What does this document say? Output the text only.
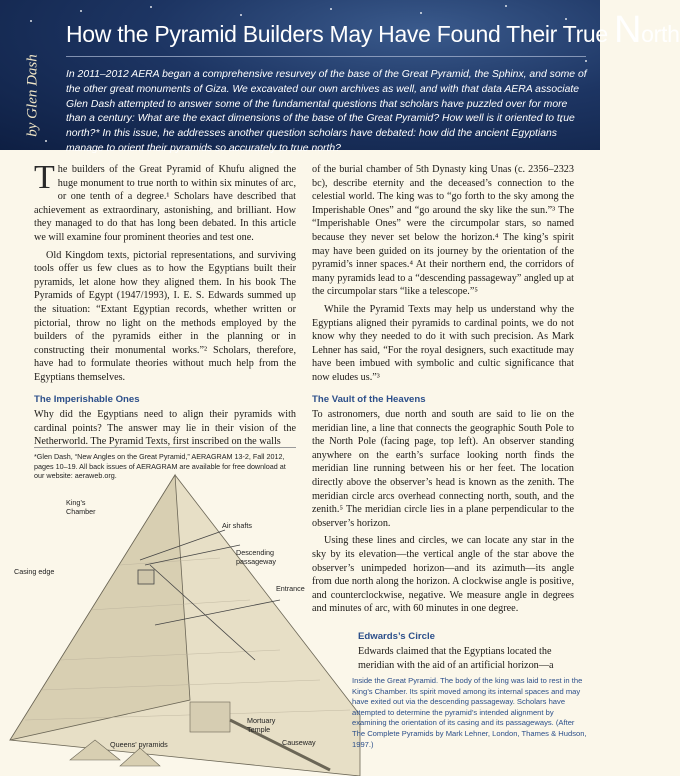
by Glen Dash
How the Pyramid Builders May Have Found Their True North
In 2011–2012 AERA began a comprehensive resurvey of the base of the Great Pyramid, the Sphinx, and some of the other great monuments of Giza. We excavated our own archives as well, and with that data AERA associate Glen Dash attempted to answer some of the fundamental questions that scholars have puzzled over for more than a century: What are the exact dimensions of the base of the Great Pyramid? How well is it oriented to true north?* In this issue, he addresses another question scholars have debated: how did the ancient Egyptians manage to orient their pyramids so accurately to true north?

The builders of the Great Pyramid of Khufu aligned the huge monument to true north to within six minutes of arc, or one tenth of a degree.¹ Scholars have described that achievement as extraordinary, astonishing, and brilliant. How they managed to do that has long been debated. In this article we will examine four prominent theories and test one.

Old Kingdom texts, pictorial representations, and surviving tools offer us few clues as to how the Egyptians built their pyramids, let alone how they aligned them. In his book The Pyramids of Egypt (1947/1993), I. E. S. Edwards summed up the situation: “Extant Egyptian records, whether written or pictorial, throw no light on the methods employed by the builders of the pyramids either in the planning or in constructing their monumental works.”² Scholars, therefore, have had to formulate theories without much help from the Egyptians themselves.

The Imperishable Ones

Why did the Egyptians need to align their pyramids with cardinal points? The answer may lie in their vision of the Netherworld. The Pyramid Texts, first inscribed on the walls

*Glen Dash, “New Angles on the Great Pyramid,” AERAGRAM 13-2, Fall 2012, pages 10–19. All back issues of AERAGRAM are available for free download at our website: aeraweb.org.

of the burial chamber of 5th Dynasty king Unas (c. 2356–2323 bc), describe eternity and the deceased’s connection to the celestial world. The king was to “go forth to the sky among the Imperishable Ones” and “go around the sky like the sun.”³ The “Imperishable Ones” were the circumpolar stars, so named because they never set below the horizon.⁴ The king’s spirit may have been guided on its journey by the orientation of the pyramid’s inner spaces.⁴ At their northern end, the corridors of many pyramids lead to a “descending passageway” angled up at the circumpolar stars “like a telescope.”⁵

While the Pyramid Texts may help us understand why the Egyptians aligned their pyramids to cardinal points, we do not know why they needed to do it with such precision. As Mark Lehner has said, “For the royal designers, such exactitude may have been imbued with symbolic and cultic significance that now eludes us.”³

The Vault of the Heavens

To astronomers, due north and south are said to lie on the meridian line, a line that connects the geographic South Pole to the North Pole (facing page, top left). An observer standing anywhere on the earth’s surface looking north finds the meridian line running between his or her feet. The location directly above the observer’s head is known as the zenith. The meridian circle arcs overhead connecting north, south, and the zenith.⁵ The meridian circle lies in a plane perpendicular to the observer’s horizon.

Using these lines and circles, we can locate any star in the sky by its elevation—the vertical angle of the star above the observer’s unimpeded horizon—and its azimuth—its angle from due north along the horizon. A clockwise angle is positive, and counterclockwise, negative. We measure angle in degrees and minutes of arc, with 60 minutes in one degree.

King’s
Chamber
Air shafts
Descending
passageway
Casing edge
Entrance
Mortuary
Temple
Queens’ pyramids	Causeway
Edwards’s Circle
Edwards claimed that the Egyptians located the meridian with the aid of an artificial horizon—a
Inside the Great Pyramid. The body of the king was laid to rest in the King’s Chamber. Its spirit moved among its internal spaces and may have exited out via the descending passageway. Scholars have attempted to determine the pyramid’s intended alignment by examining the orientation of its casing and its passageways. (After The Complete Pyramids by Mark Lehner, London, Thames & Hudson, 1997.)
